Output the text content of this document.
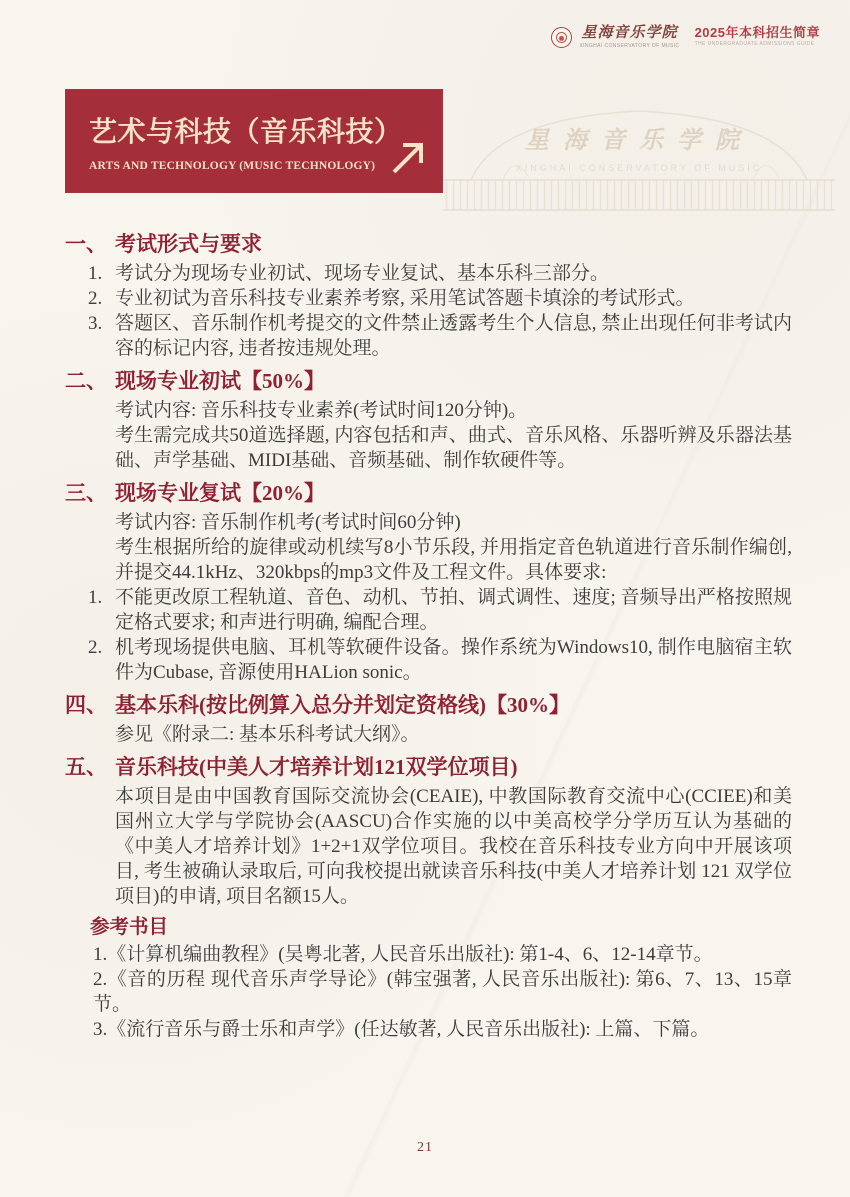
星海音乐学院
XINGHAI CONSERVATORY OF MUSIC
星海音乐学院
XINGHAI CONSERVATORY OF MUSIC
2025年本科招生简章
THE UNDERGRADUATE ADMISSIONS GUIDE
艺术与科技（音乐科技）
ARTS AND TECHNOLOGY (MUSIC TECHNOLOGY)
一、 考试形式与要求
1. 考试分为现场专业初试、现场专业复试、基本乐科三部分。
2. 专业初试为音乐科技专业素养考察, 采用笔试答题卡填涂的考试形式。
3. 答题区、音乐制作机考提交的文件禁止透露考生个人信息, 禁止出现任何非考试内容的标记内容, 违者按违规处理。
二、 现场专业初试【50%】
考试内容: 音乐科技专业素养(考试时间120分钟)。
考生需完成共50道选择题, 内容包括和声、曲式、音乐风格、乐器听辨及乐器法基础、声学基础、MIDI基础、音频基础、制作软硬件等。
三、 现场专业复试【20%】
考试内容: 音乐制作机考(考试时间60分钟)
考生根据所给的旋律或动机续写8小节乐段, 并用指定音色轨道进行音乐制作编创, 并提交44.1kHz、320kbps的mp3文件及工程文件。具体要求:
1. 不能更改原工程轨道、音色、动机、节拍、调式调性、速度; 音频导出严格按照规定格式要求; 和声进行明确, 编配合理。
2. 机考现场提供电脑、耳机等软硬件设备。操作系统为Windows10, 制作电脑宿主软件为Cubase, 音源使用HALion sonic。
四、 基本乐科(按比例算入总分并划定资格线)【30%】
参见《附录二: 基本乐科考试大纲》。
五、 音乐科技(中美人才培养计划121双学位项目)
本项目是由中国教育国际交流协会(CEAIE), 中教国际教育交流中心(CCIEE)和美国州立大学与学院协会(AASCU)合作实施的以中美高校学分学历互认为基础的《中美人才培养计划》1+2+1双学位项目。我校在音乐科技专业方向中开展该项目, 考生被确认录取后, 可向我校提出就读音乐科技(中美人才培养计划 121 双学位项目)的申请, 项目名额15人。
参考书目
1.《计算机编曲教程》(吴粤北著, 人民音乐出版社): 第1-4、6、12-14章节。
2.《音的历程 现代音乐声学导论》(韩宝强著, 人民音乐出版社): 第6、7、13、15章节。
3.《流行音乐与爵士乐和声学》(任达敏著, 人民音乐出版社): 上篇、下篇。
21
